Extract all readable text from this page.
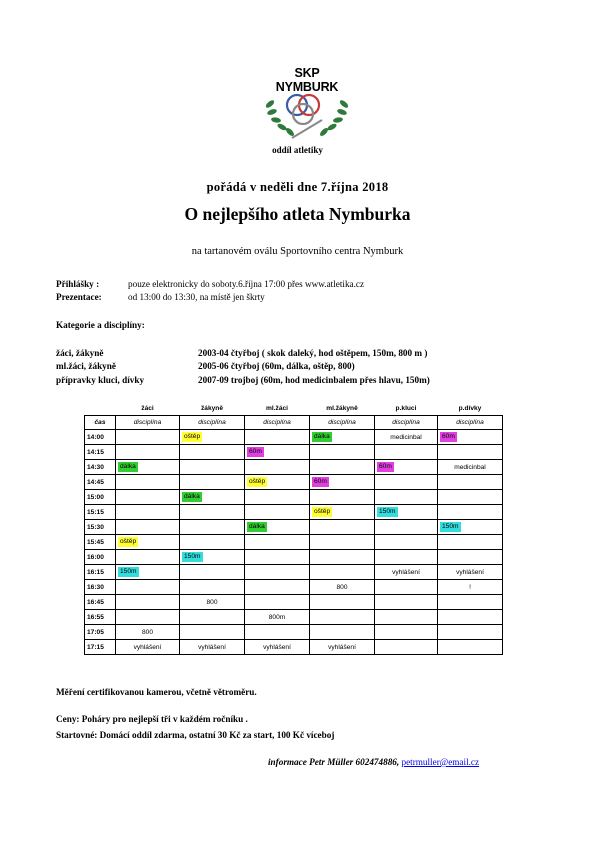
SKP NYMBURK
oddíl atletiky
pořádá v neděli dne 7.října 2018
O nejlepšího atleta Nymburka
na tartanovém oválu Sportovního centra Nymburk
Přihlášky :	pouze elektronicky do soboty.6.října 17:00 přes www.atletika.cz
Prezentace:	od 13:00 do 13:30, na místě jen škrty
Kategorie a disciplíny:
žáci, žákyně	2003-04 čtyřboj ( skok daleký, hod oštěpem, 150m, 800 m )
ml.žáci, žákyně	2005-06 čtyřboj (60m, dálka, oštěp, 800)
přípravky kluci, dívky	2007-09 trojboj (60m, hod medicinbalem přes hlavu, 150m)
	žáci	žákyně	ml.žáci	ml.žákyně	p.kluci	p.dívky
čas	disciplína	disciplína	disciplína	disciplína	disciplína	disciplína
14:00		oštěp		dálka	medicinbal	60m
14:15			60m			
14:30	dálka				60m	medicinbal
14:45			oštěp	60m		
15:00		dálka				
15:15				oštěp	150m	
15:30			dálka			150m
15:45	oštěp					
16:00		150m				
16:15	150m				vyhlášení	vyhlášení
16:30				800		!
16:45		800				
16:55			800m			
17:05	800					
17:15	vyhlášení	vyhlášení	vyhlášení	vyhlášení		
Měření certifikovanou kamerou, včetně větroměru.
Ceny: Poháry pro nejlepší tři v každém ročníku .
Startovné: Domácí oddíl zdarma, ostatní 30 Kč za start, 100 Kč víceboj
informace Petr Müller 602474886, petrmuller@email.cz
